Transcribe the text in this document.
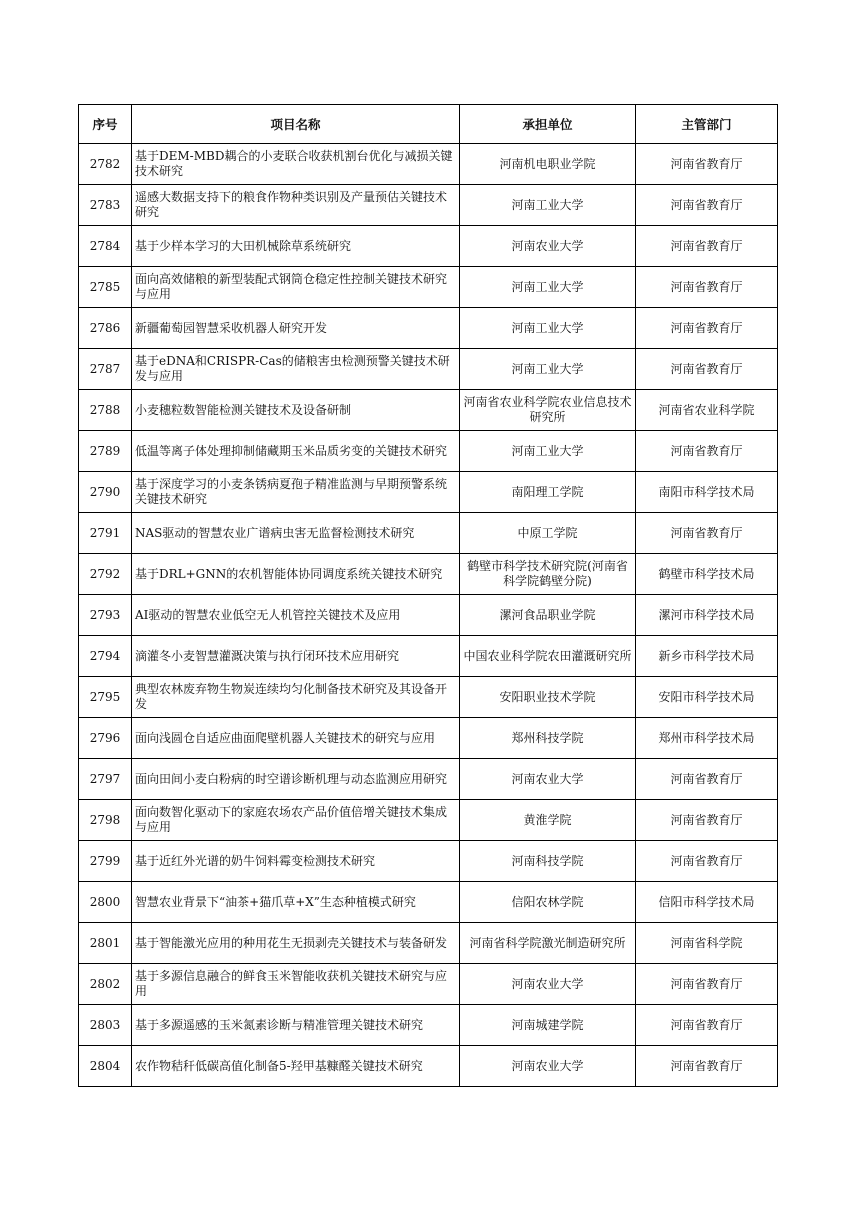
序号	项目名称	承担单位	主管部门
2782	基于DEM-MBD耦合的小麦联合收获机割台优化与减损关键技术研究	河南机电职业学院	河南省教育厅
2783	遥感大数据支持下的粮食作物种类识别及产量预估关键技术研究	河南工业大学	河南省教育厅
2784	基于少样本学习的大田机械除草系统研究	河南农业大学	河南省教育厅
2785	面向高效储粮的新型装配式钢筒仓稳定性控制关键技术研究与应用	河南工业大学	河南省教育厅
2786	新疆葡萄园智慧采收机器人研究开发	河南工业大学	河南省教育厅
2787	基于eDNA和CRISPR-Cas的储粮害虫检测预警关键技术研发与应用	河南工业大学	河南省教育厅
2788	小麦穗粒数智能检测关键技术及设备研制	河南省农业科学院农业信息技术研究所	河南省农业科学院
2789	低温等离子体处理抑制储藏期玉米品质劣变的关键技术研究	河南工业大学	河南省教育厅
2790	基于深度学习的小麦条锈病夏孢子精准监测与早期预警系统关键技术研究	南阳理工学院	南阳市科学技术局
2791	NAS驱动的智慧农业广谱病虫害无监督检测技术研究	中原工学院	河南省教育厅
2792	基于DRL+GNN的农机智能体协同调度系统关键技术研究	鹤壁市科学技术研究院(河南省科学院鹤壁分院)	鹤壁市科学技术局
2793	AI驱动的智慧农业低空无人机管控关键技术及应用	漯河食品职业学院	漯河市科学技术局
2794	滴灌冬小麦智慧灌溉决策与执行闭环技术应用研究	中国农业科学院农田灌溉研究所	新乡市科学技术局
2795	典型农林废弃物生物炭连续均匀化制备技术研究及其设备开发	安阳职业技术学院	安阳市科学技术局
2796	面向浅圆仓自适应曲面爬壁机器人关键技术的研究与应用	郑州科技学院	郑州市科学技术局
2797	面向田间小麦白粉病的时空谱诊断机理与动态监测应用研究	河南农业大学	河南省教育厅
2798	面向数智化驱动下的家庭农场农产品价值倍增关键技术集成与应用	黄淮学院	河南省教育厅
2799	基于近红外光谱的奶牛饲料霉变检测技术研究	河南科技学院	河南省教育厅
2800	智慧农业背景下“油茶+猫爪草+X”生态种植模式研究	信阳农林学院	信阳市科学技术局
2801	基于智能激光应用的种用花生无损剥壳关键技术与装备研发	河南省科学院激光制造研究所	河南省科学院
2802	基于多源信息融合的鲜食玉米智能收获机关键技术研究与应用	河南农业大学	河南省教育厅
2803	基于多源遥感的玉米氮素诊断与精准管理关键技术研究	河南城建学院	河南省教育厅
2804	农作物秸秆低碳高值化制备5-羟甲基糠醛关键技术研究	河南农业大学	河南省教育厅
